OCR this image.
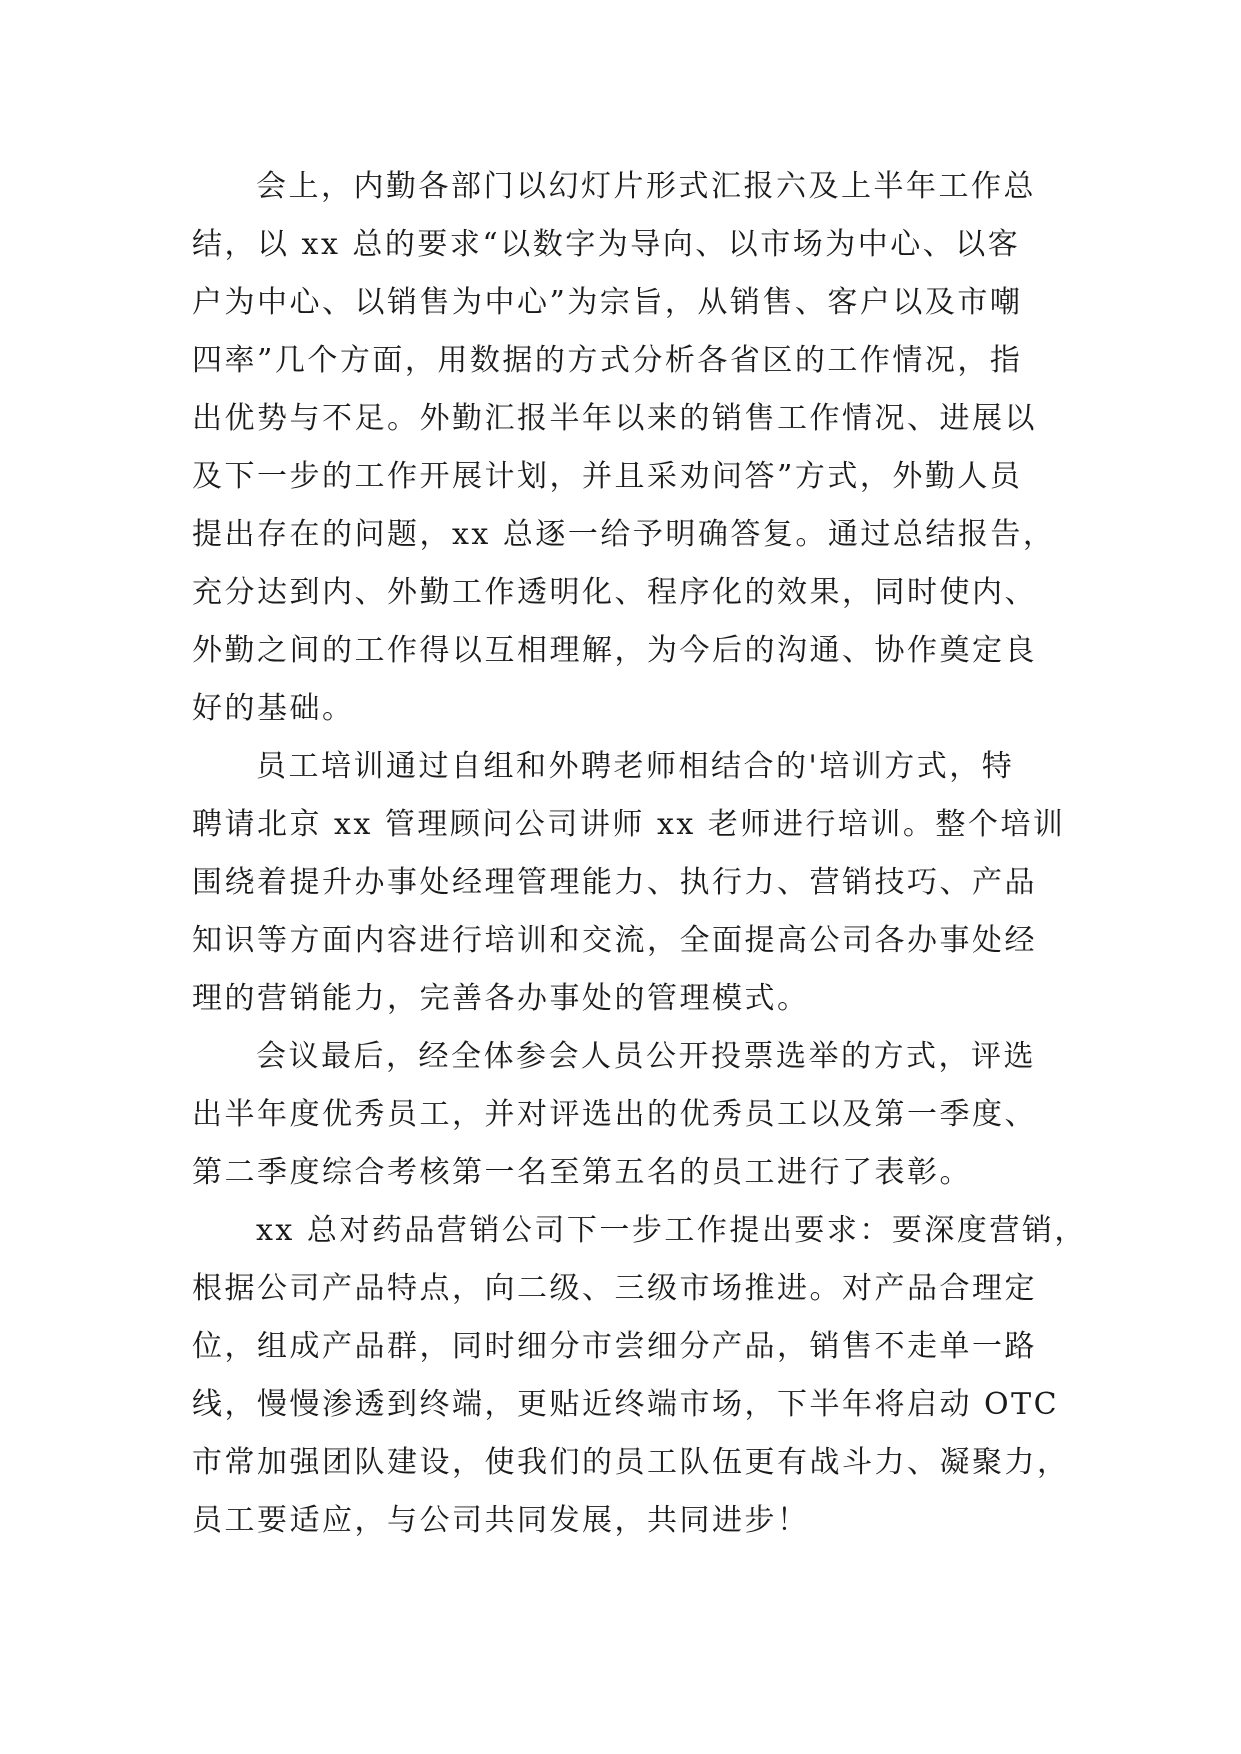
会上，内勤各部门以幻灯片形式汇报六及上半年工作总
结，以 xx 总的要求“以数字为导向、以市场为中心、以客
户为中心、以销售为中心”为宗旨，从销售、客户以及市嘲
四率”几个方面，用数据的方式分析各省区的工作情况，指
出优势与不足。外勤汇报半年以来的销售工作情况、进展以
及下一步的工作开展计划，并且采劝问答”方式，外勤人员
提出存在的问题，xx 总逐一给予明确答复。通过总结报告，
充分达到内、外勤工作透明化、程序化的效果，同时使内、
外勤之间的工作得以互相理解，为今后的沟通、协作奠定良
好的基础。
员工培训通过自组和外聘老师相结合的'培训方式，特
聘请北京 xx 管理顾问公司讲师 xx 老师进行培训。整个培训
围绕着提升办事处经理管理能力、执行力、营销技巧、产品
知识等方面内容进行培训和交流，全面提高公司各办事处经
理的营销能力，完善各办事处的管理模式。
会议最后，经全体参会人员公开投票选举的方式，评选
出半年度优秀员工，并对评选出的优秀员工以及第一季度、
第二季度综合考核第一名至第五名的员工进行了表彰。
xx 总对药品营销公司下一步工作提出要求：要深度营销，
根据公司产品特点，向二级、三级市场推进。对产品合理定
位，组成产品群，同时细分市尝细分产品，销售不走单一路
线，慢慢渗透到终端，更贴近终端市场，下半年将启动 OTC
市常加强团队建设，使我们的员工队伍更有战斗力、凝聚力，
员工要适应，与公司共同发展，共同进步！
